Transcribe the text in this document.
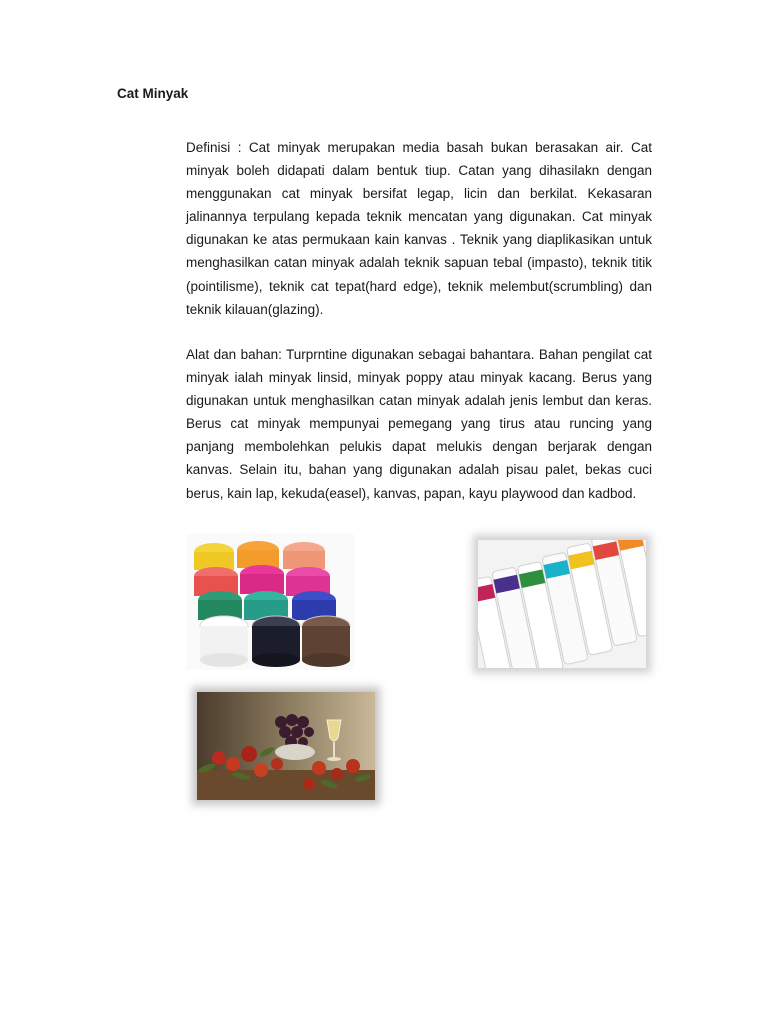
Cat Minyak

Definisi : Cat minyak merupakan media basah bukan berasakan air. Cat minyak boleh didapati dalam bentuk tiup. Catan yang dihasilakn dengan menggunakan cat minyak bersifat legap, licin dan berkilat. Kekasaran jalinannya terpulang kepada teknik mencatan yang digunakan. Cat minyak digunakan ke atas permukaan kain kanvas . Teknik yang diaplikasikan untuk menghasilkan catan minyak adalah teknik sapuan tebal (impasto), teknik titik (pointilisme), teknik cat tepat(hard edge), teknik melembut(scrumbling) dan teknik kilauan(glazing).

Alat dan bahan: Turprntine digunakan sebagai bahantara. Bahan pengilat cat minyak ialah minyak linsid, minyak poppy atau minyak kacang. Berus yang digunakan untuk menghasilkan catan minyak adalah jenis lembut dan keras. Berus cat minyak mempunyai pemegang yang tirus atau runcing yang panjang membolehkan pelukis dapat melukis dengan berjarak dengan kanvas. Selain itu, bahan yang digunakan adalah pisau palet, bekas cuci berus, kain lap, kekuda(easel), kanvas, papan, kayu playwood dan kadbod.
